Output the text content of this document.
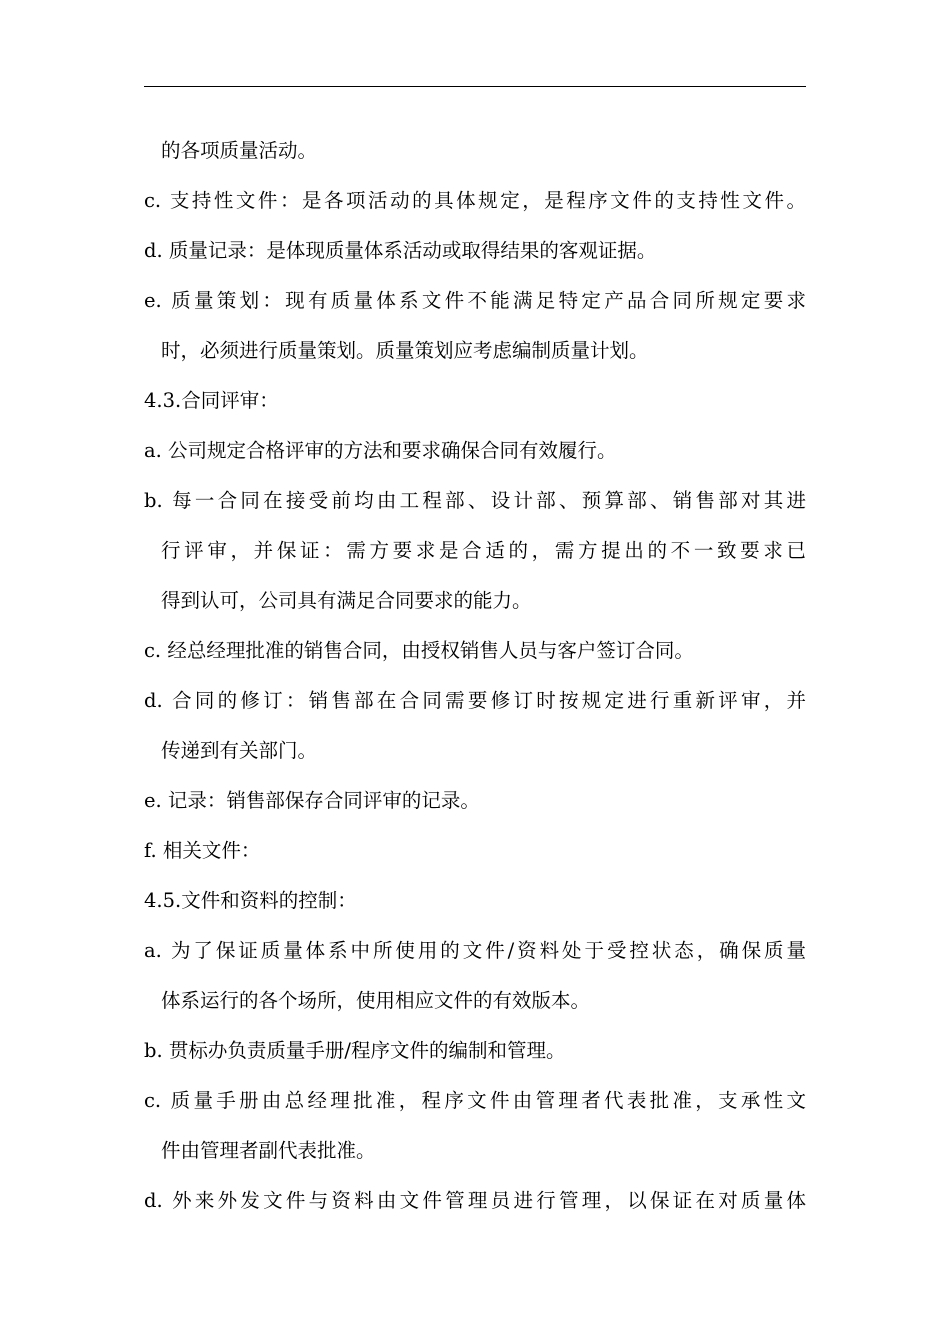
的各项质量活动。
c. 支持性文件：是各项活动的具体规定，是程序文件的支持性文件。
d. 质量记录：是体现质量体系活动或取得结果的客观证据。
e. 质量策划：现有质量体系文件不能满足特定产品合同所规定要求
时，必须进行质量策划。质量策划应考虑编制质量计划。
4.3.合同评审：
a. 公司规定合格评审的方法和要求确保合同有效履行。
b. 每一合同在接受前均由工程部、设计部、预算部、销售部对其进
行评审，并保证：需方要求是合适的，需方提出的不一致要求已
得到认可，公司具有满足合同要求的能力。
c. 经总经理批准的销售合同，由授权销售人员与客户签订合同。
d. 合同的修订：销售部在合同需要修订时按规定进行重新评审，并
传递到有关部门。
e. 记录：销售部保存合同评审的记录。
f. 相关文件：
4.5.文件和资料的控制：
a. 为了保证质量体系中所使用的文件/资料处于受控状态，确保质量
体系运行的各个场所，使用相应文件的有效版本。
b. 贯标办负责质量手册/程序文件的编制和管理。
c. 质量手册由总经理批准，程序文件由管理者代表批准，支承性文
件由管理者副代表批准。
d. 外来外发文件与资料由文件管理员进行管理，以保证在对质量体
